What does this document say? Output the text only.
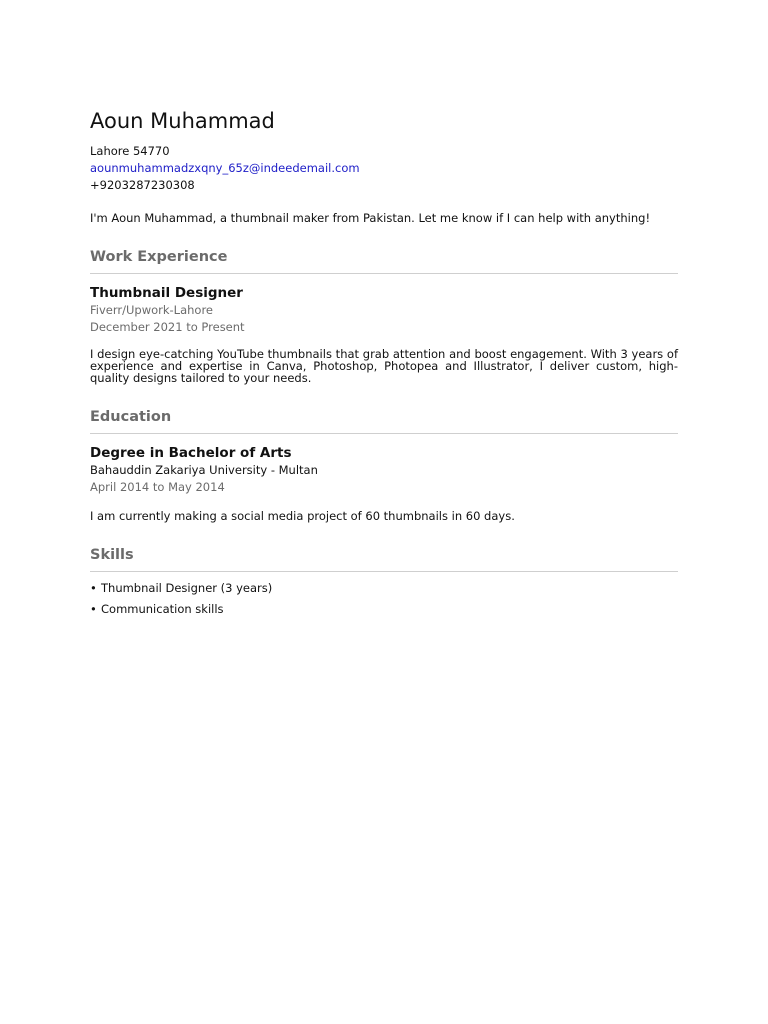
Aoun Muhammad

Lahore 54770

aounmuhammadzxqny_65z@indeedemail.com

+9203287230308

I'm Aoun Muhammad, a thumbnail maker from Pakistan. Let me know if I can help with anything!

Work Experience

Thumbnail Designer

Fiverr/Upwork-Lahore

December 2021 to Present

I design eye-catching YouTube thumbnails that grab attention and boost engagement. With 3 years of experience and expertise in Canva, Photoshop, Photopea and Illustrator, I deliver custom, high-quality designs tailored to your needs.

Education

Degree in Bachelor of Arts

Bahauddin Zakariya University - Multan

April 2014 to May 2014

I am currently making a social media project of 60 thumbnails in 60 days.

Skills
• Thumbnail Designer (3 years)
• Communication skills
